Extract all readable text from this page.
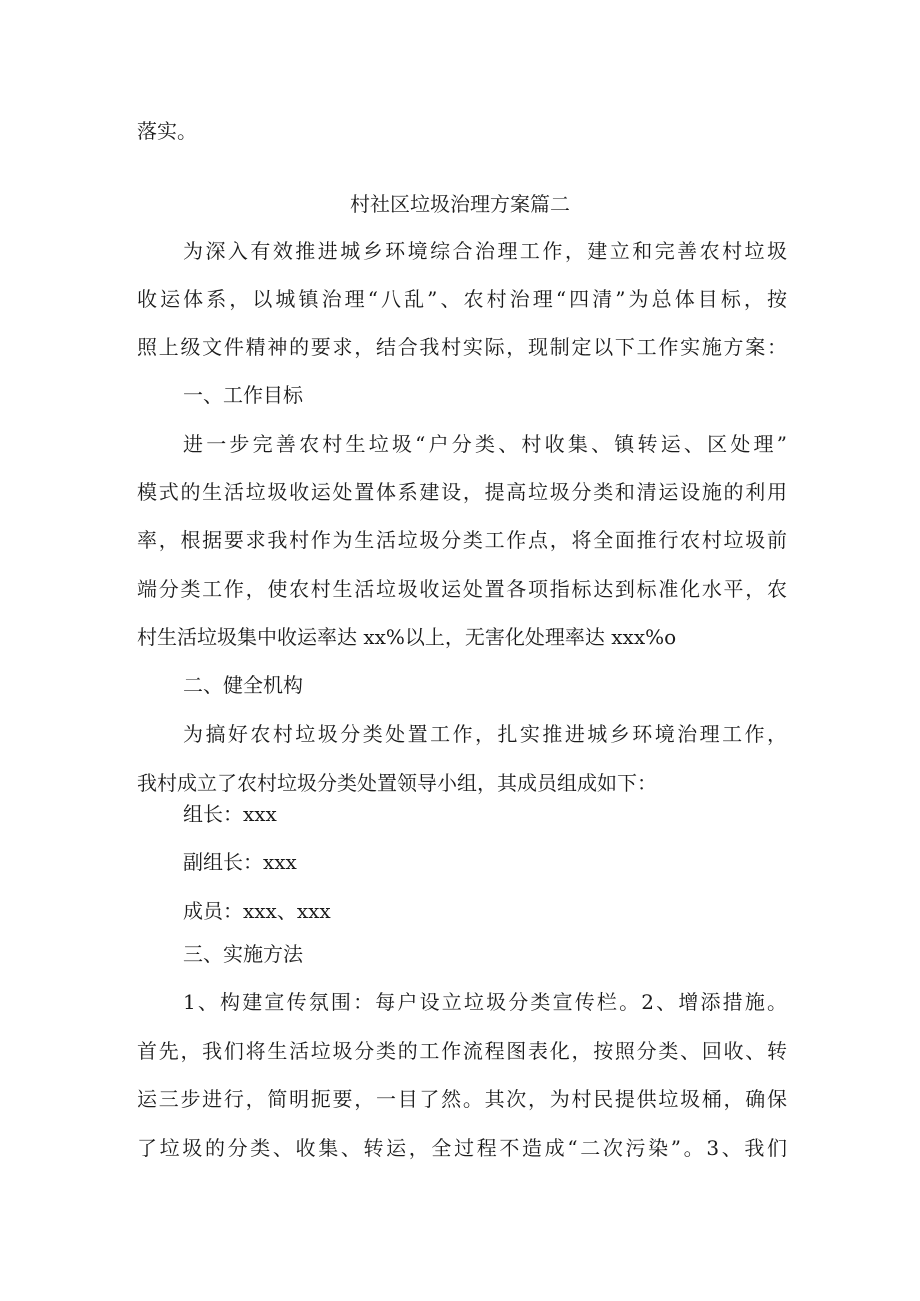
落实。
村社区垃圾治理方案篇二
为深入有效推进城乡环境综合治理工作，建立和完善农村垃圾
收运体系，以城镇治理“八乱”、农村治理“四清”为总体目标，按
照上级文件精神的要求，结合我村实际，现制定以下工作实施方案：
一、工作目标
进一步完善农村生垃圾“户分类、村收集、镇转运、区处理”
模式的生活垃圾收运处置体系建设，提高垃圾分类和清运设施的利用
率，根据要求我村作为生活垃圾分类工作点，将全面推行农村垃圾前
端分类工作，使农村生活垃圾收运处置各项指标达到标准化水平，农
村生活垃圾集中收运率达 xx%以上，无害化处理率达 xxx%o
二、健全机构
为搞好农村垃圾分类处置工作，扎实推进城乡环境治理工作，
我村成立了农村垃圾分类处置领导小组，其成员组成如下：
组长：xxx
副组长：xxx
成员：xxx、xxx
三、实施方法
1、构建宣传氛围：每户设立垃圾分类宣传栏。2、增添措施。
首先，我们将生活垃圾分类的工作流程图表化，按照分类、回收、转
运三步进行，简明扼要，一目了然。其次，为村民提供垃圾桶，确保
了垃圾的分类、收集、转运，全过程不造成“二次污染”。3、我们
